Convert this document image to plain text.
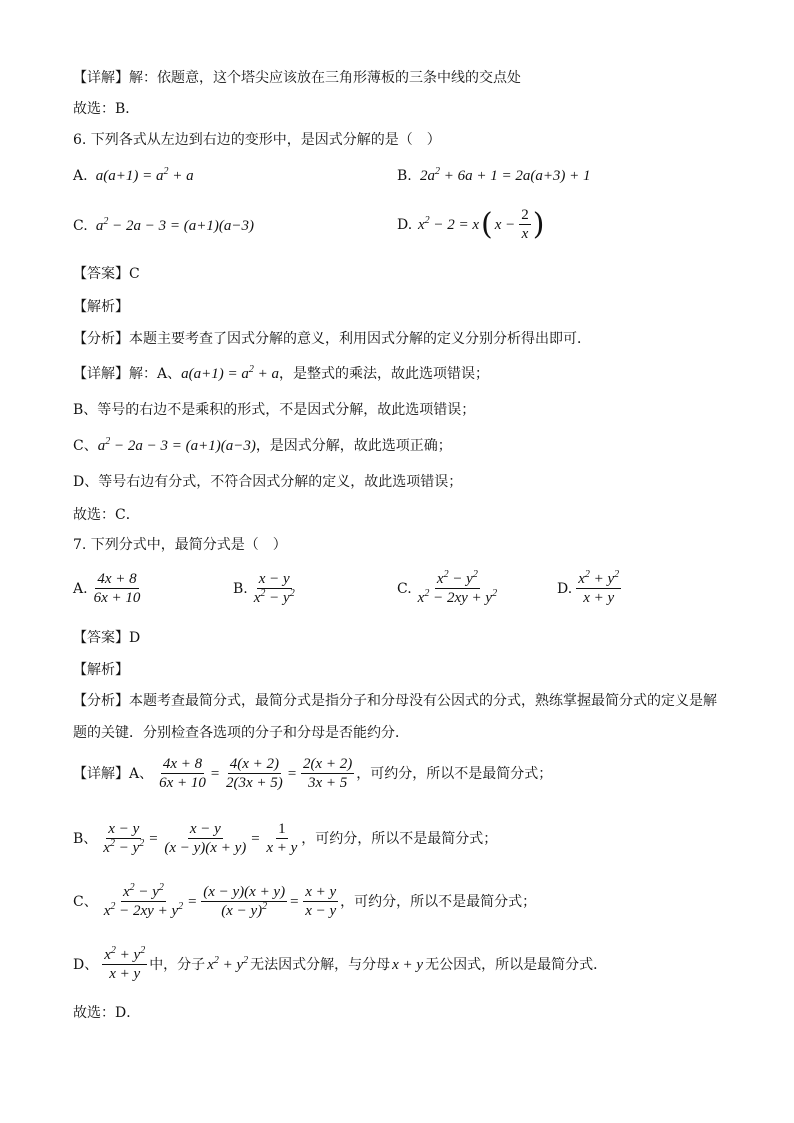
【详解】解：依题意，这个塔尖应该放在三角形薄板的三条中线的交点处
故选：B．
6. 下列各式从左边到右边的变形中，是因式分解的是（　）
A.  $a(a+1) = a^2 + a$	B.  $2a^2 + 6a + 1 = 2a(a+3) + 1$
C.  $a^2 - 2a - 3 = (a+1)(a-3)$	D. $x^2 - 2 = x$ ( $x - \frac{2}{x}$ )
【答案】C
【解析】
【分析】本题主要考查了因式分解的意义，利用因式分解的定义分别分析得出即可．
【详解】解：A、$a(a+1) = a^2 + a$，是整式的乘法，故此选项错误；
B、等号的右边不是乘积的形式，不是因式分解，故此选项错误；
C、$a^2 - 2a - 3 = (a+1)(a-3)$，是因式分解，故此选项正确；
D、等号右边有分式，不符合因式分解的定义，故此选项错误；
故选：C．
7. 下列分式中，最简分式是（　）
A. $\frac{4x + 8}{6x + 10}$	B. $\frac{x - y}{x^2 - y^2}$	C. $\frac{x^2 - y^2}{x^2 - 2xy + y^2}$	D. $\frac{x^2 + y^2}{x + y}$
【答案】D
【解析】
【分析】本题考查最简分式，最简分式是指分子和分母没有公因式的分式，熟练掌握最简分式的定义是解
题的关键．分别检查各选项的分子和分母是否能约分．
【详解】A、 $\frac{4x + 8}{6x + 10} = \frac{4(x + 2)}{2(3x + 5)} = \frac{2(x + 2)}{3x + 5}$ ，可约分，所以不是最简分式；
B、 $\frac{x - y}{x^2 - y^2} = \frac{x - y}{(x - y)(x + y)} = \frac{1}{x + y}$ ，可约分，所以不是最简分式；
C、 $\frac{x^2 - y^2}{x^2 - 2xy + y^2} = \frac{(x - y)(x + y)}{(x - y)^2} = \frac{x + y}{x - y}$ ，可约分，所以不是最简分式；
D、 $\frac{x^2 + y^2}{x + y}$ 中，分子 $x^2 + y^2$ 无法因式分解，与分母 x + y 无公因式，所以是最简分式．
故选：D．
